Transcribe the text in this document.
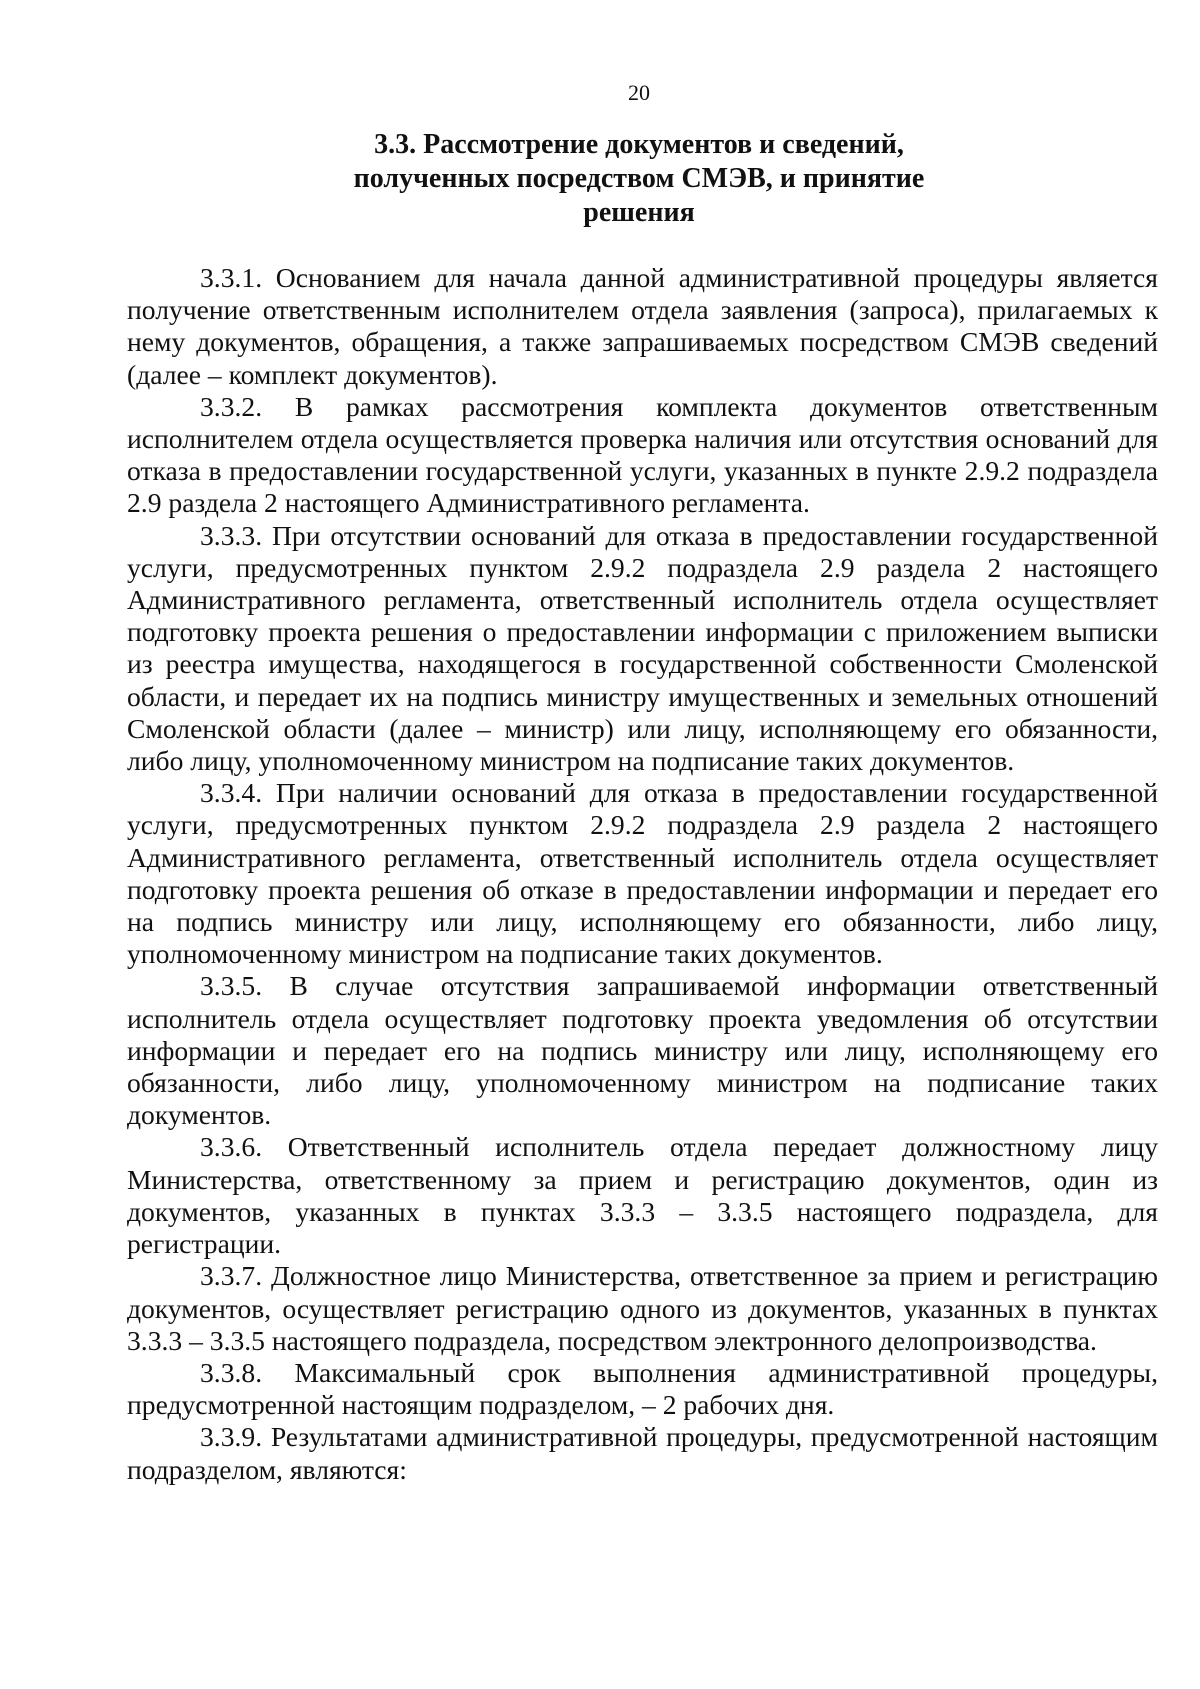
20
3.3. Рассмотрение документов и сведений,
полученных посредством СМЭВ, и принятие
решения

3.3.1. Основанием для начала данной административной процедуры является получение ответственным исполнителем отдела заявления (запроса), прилагаемых к нему документов, обращения, а также запрашиваемых посредством СМЭВ сведений (далее – комплект документов).

3.3.2. В рамках рассмотрения комплекта документов ответственным исполнителем отдела осуществляется проверка наличия или отсутствия оснований для отказа в предоставлении государственной услуги, указанных в пункте 2.9.2 подраздела 2.9 раздела 2 настоящего Административного регламента.

3.3.3. При отсутствии оснований для отказа в предоставлении государственной услуги, предусмотренных пунктом 2.9.2 подраздела 2.9 раздела 2 настоящего Административного регламента, ответственный исполнитель отдела осуществляет подготовку проекта решения о предоставлении информации с приложением выписки из реестра имущества, находящегося в государственной собственности Смоленской области, и передает их на подпись министру имущественных и земельных отношений Смоленской области (далее – министр) или лицу, исполняющему его обязанности, либо лицу, уполномоченному министром на подписание таких документов.

3.3.4. При наличии оснований для отказа в предоставлении государственной услуги, предусмотренных пунктом 2.9.2 подраздела 2.9 раздела 2 настоящего Административного регламента, ответственный исполнитель отдела осуществляет подготовку проекта решения об отказе в предоставлении информации и передает его на подпись министру или лицу, исполняющему его обязанности, либо лицу, уполномоченному министром на подписание таких документов.

3.3.5. В случае отсутствия запрашиваемой информации ответственный исполнитель отдела осуществляет подготовку проекта уведомления об отсутствии информации и передает его на подпись министру или лицу, исполняющему его обязанности, либо лицу, уполномоченному министром на подписание таких документов.

3.3.6. Ответственный исполнитель отдела передает должностному лицу Министерства, ответственному за прием и регистрацию документов, один из документов, указанных в пунктах 3.3.3 – 3.3.5 настоящего подраздела, для регистрации.

3.3.7. Должностное лицо Министерства, ответственное за прием и регистрацию документов, осуществляет регистрацию одного из документов, указанных в пунктах 3.3.3 – 3.3.5 настоящего подраздела, посредством электронного делопроизводства.

3.3.8. Максимальный срок выполнения административной процедуры, предусмотренной настоящим подразделом, – 2 рабочих дня.

3.3.9. Результатами административной процедуры, предусмотренной настоящим подразделом, являются:
